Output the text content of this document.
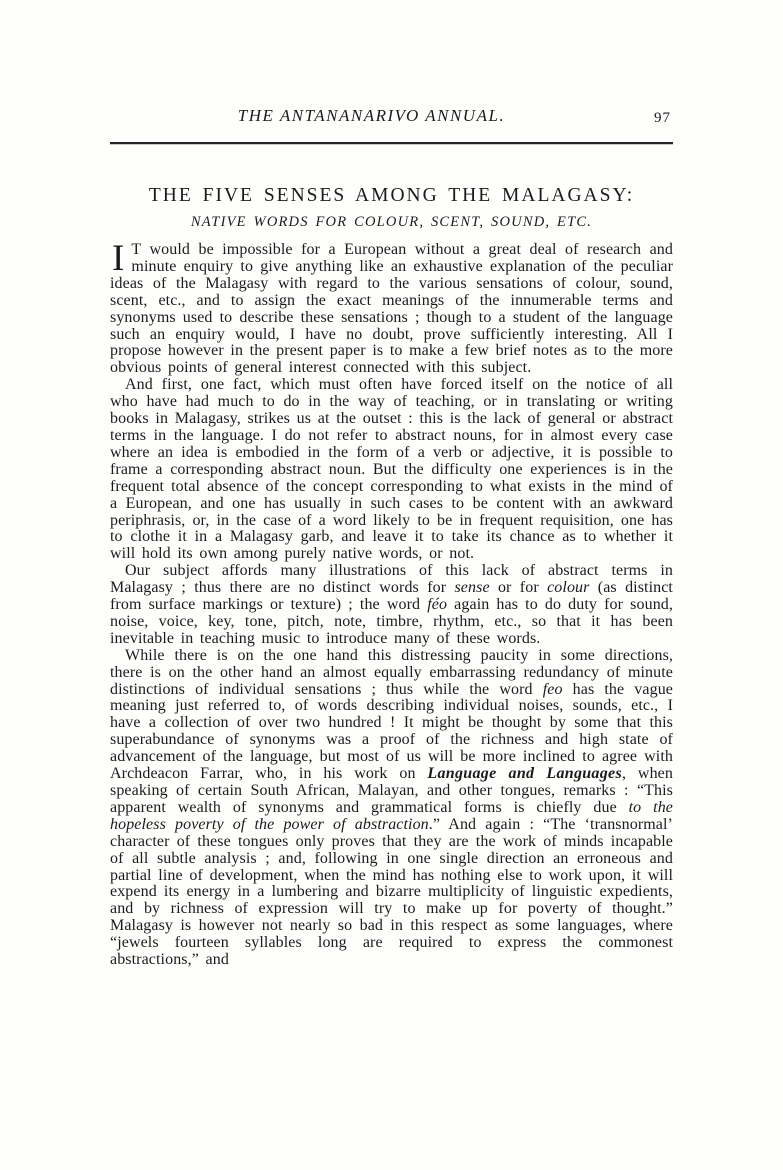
THE ANTANANARIVO ANNUAL.	97
THE FIVE SENSES AMONG THE MALAGASY:
NATIVE WORDS FOR COLOUR, SCENT, SOUND, ETC.

I T would be impossible for a European without a great deal of research and minute enquiry to give anything like an exhaustive explanation of the peculiar ideas of the Malagasy with regard to the various sensations of colour, sound, scent, etc., and to assign the exact meanings of the innumerable terms and synonyms used to describe these sensations ; though to a student of the language such an enquiry would, I have no doubt, prove sufficiently interesting. All I propose however in the present paper is to make a few brief notes as to the more obvious points of general interest connected with this subject.

And first, one fact, which must often have forced itself on the notice of all who have had much to do in the way of teaching, or in translating or writing books in Malagasy, strikes us at the outset : this is the lack of general or abstract terms in the language. I do not refer to abstract nouns, for in almost every case where an idea is embodied in the form of a verb or adjective, it is possible to frame a corresponding abstract noun. But the difficulty one experiences is in the frequent total absence of the concept corresponding to what exists in the mind of a European, and one has usually in such cases to be content with an awkward periphrasis, or, in the case of a word likely to be in frequent requisition, one has to clothe it in a Malagasy garb, and leave it to take its chance as to whether it will hold its own among purely native words, or not.

Our subject affords many illustrations of this lack of abstract terms in Malagasy ; thus there are no distinct words for sense or for colour (as distinct from surface markings or texture) ; the word féo again has to do duty for sound, noise, voice, key, tone, pitch, note, timbre, rhythm, etc., so that it has been inevitable in teaching music to introduce many of these words.

While there is on the one hand this distressing paucity in some directions, there is on the other hand an almost equally embarrassing redundancy of minute distinctions of individual sensations ; thus while the word feo has the vague meaning just referred to, of words describing individual noises, sounds, etc., I have a collection of over two hundred ! It might be thought by some that this superabundance of synonyms was a proof of the richness and high state of advancement of the language, but most of us will be more inclined to agree with Archdeacon Farrar, who, in his work on Language and Languages, when speaking of certain South African, Malayan, and other tongues, remarks : “This apparent wealth of synonyms and grammatical forms is chiefly due to the hopeless poverty of the power of abstraction.” And again : “The ‘transnormal’ character of these tongues only proves that they are the work of minds incapable of all subtle analysis ; and, following in one single direction an erroneous and partial line of development, when the mind has nothing else to work upon, it will expend its energy in a lumbering and bizarre multiplicity of linguistic expedients, and by richness of expression will try to make up for poverty of thought.” Malagasy is however not nearly so bad in this respect as some languages, where “jewels fourteen syllables long are required to express the commonest abstractions,” and
